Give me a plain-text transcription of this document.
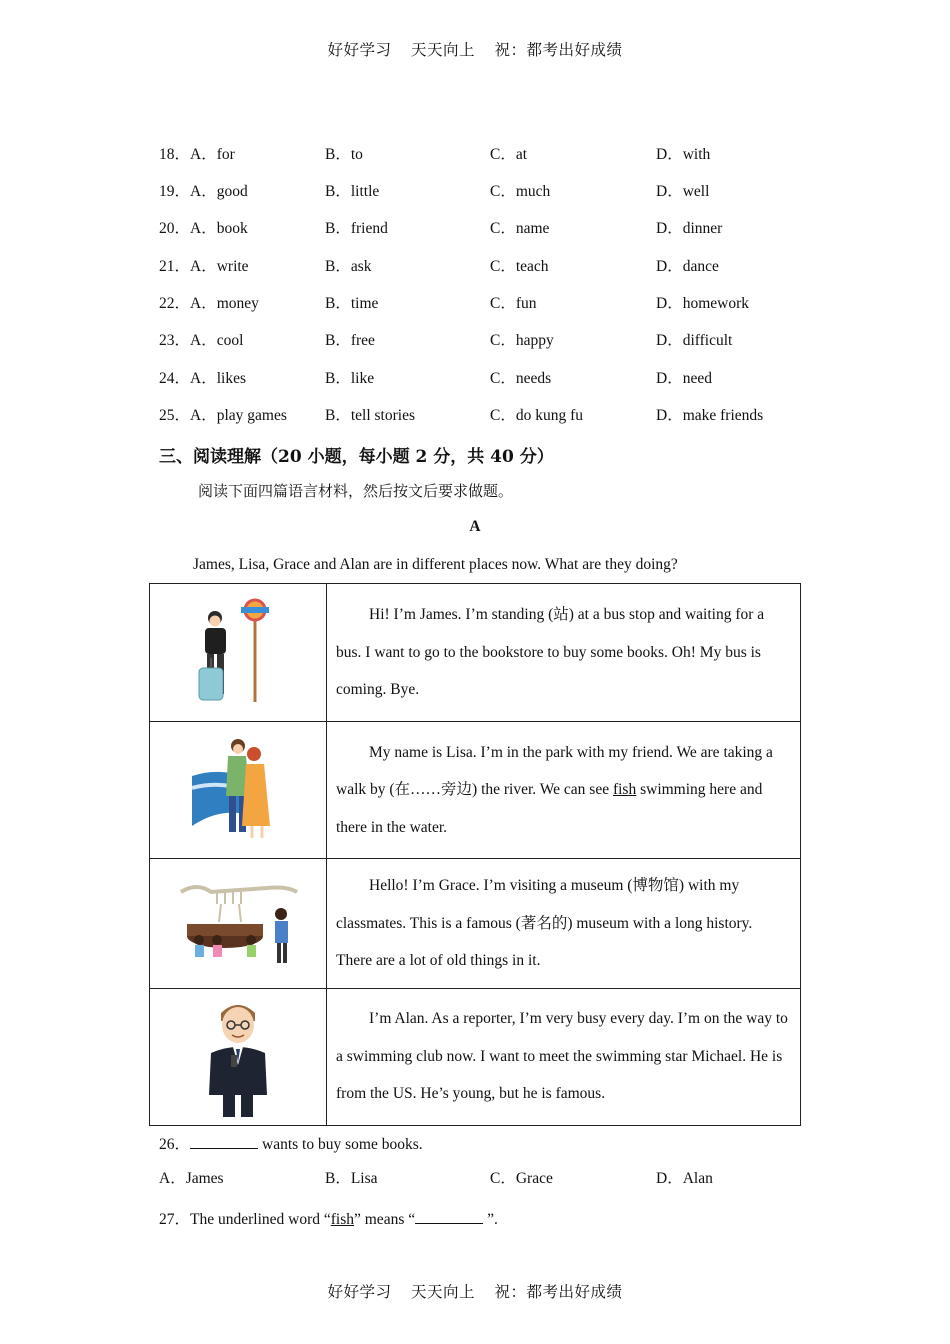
好好学习 天天向上 祝：都考出好成绩
18．A．for	B．to	C．at	D．with
19．A．good	B．little	C．much	D．well
20．A．book	B．friend	C．name	D．dinner
21．A．write	B．ask	C．teach	D．dance
22．A．money	B．time	C．fun	D．homework
23．A．cool	B．free	C．happy	D．difficult
24．A．likes	B．like	C．needs	D．need
25．A．play games B．tell stories	C．do kung fu	D．make friends
三、阅读理解（20 小题，每小题 2 分，共 40 分）
阅读下面四篇语言材料，然后按文后要求做题。
A
James, Lisa, Grace and Alan are in different places now. What are they doing?

Hi! I’m James. I’m standing (站) at a bus stop and waiting for a bus. I want to go to the bookstore to buy some books. Oh! My bus is coming. Bye.

My name is Lisa. I’m in the park with my friend. We are taking a walk by (在……旁边) the river. We can see fish swimming here and there in the water.

Hello! I’m Grace. I’m visiting a museum (博物馆) with my classmates. This is a famous (著名的) museum with a long history. There are a lot of old things in it.

I’m Alan. As a reporter, I’m very busy every day. I’m on the way to a swimming club now. I want to meet the swimming star Michael. He is from the US. He’s young, but he is famous.

26．	wants to buy some books.
A．James	B．Lisa	C．Grace	D．Alan
27．The underlined word “fish” means “	”.
好好学习 天天向上 祝：都考出好成绩
